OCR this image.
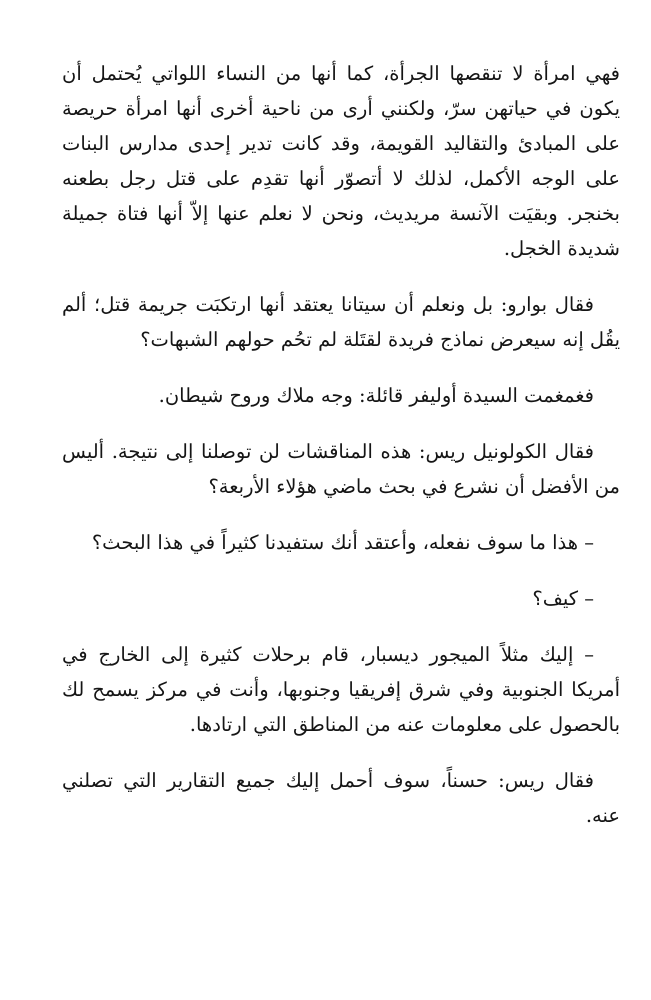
فهي امرأة لا تنقصها الجرأة، كما أنها من النساء اللواتي يُحتمل أن يكون في حياتهن سرّ، ولكنني أرى من ناحية أخرى أنها امرأة حريصة على المبادئ والتقاليد القويمة، وقد كانت تدير إحدى مدارس البنات على الوجه الأكمل، لذلك لا أتصوّر أنها تقدِم على قتل رجل بطعنه بخنجر. وبقيَت الآنسة مريديث، ونحن لا نعلم عنها إلاّ أنها فتاة جميلة شديدة الخجل.

فقال بوارو: بل ونعلم أن سيتانا يعتقد أنها ارتكبَت جريمة قتل؛ ألم يقُل إنه سيعرض نماذج فريدة لقتَلة لم تحُم حولهم الشبهات؟

فغمغمت السيدة أوليفر قائلة: وجه ملاك وروح شيطان.

فقال الكولونيل ريس: هذه المناقشات لن توصلنا إلى نتيجة. أليس من الأفضل أن نشرع في بحث ماضي هؤلاء الأربعة؟

– هذا ما سوف نفعله، وأعتقد أنك ستفيدنا كثيراً في هذا البحث؟

– كيف؟

– إليك مثلاً الميجور ديسبار، قام برحلات كثيرة إلى الخارج في أمريكا الجنوبية وفي شرق إفريقيا وجنوبها، وأنت في مركز يسمح لك بالحصول على معلومات عنه من المناطق التي ارتادها.

فقال ريس: حسناً، سوف أحمل إليك جميع التقارير التي تصلني عنه.
